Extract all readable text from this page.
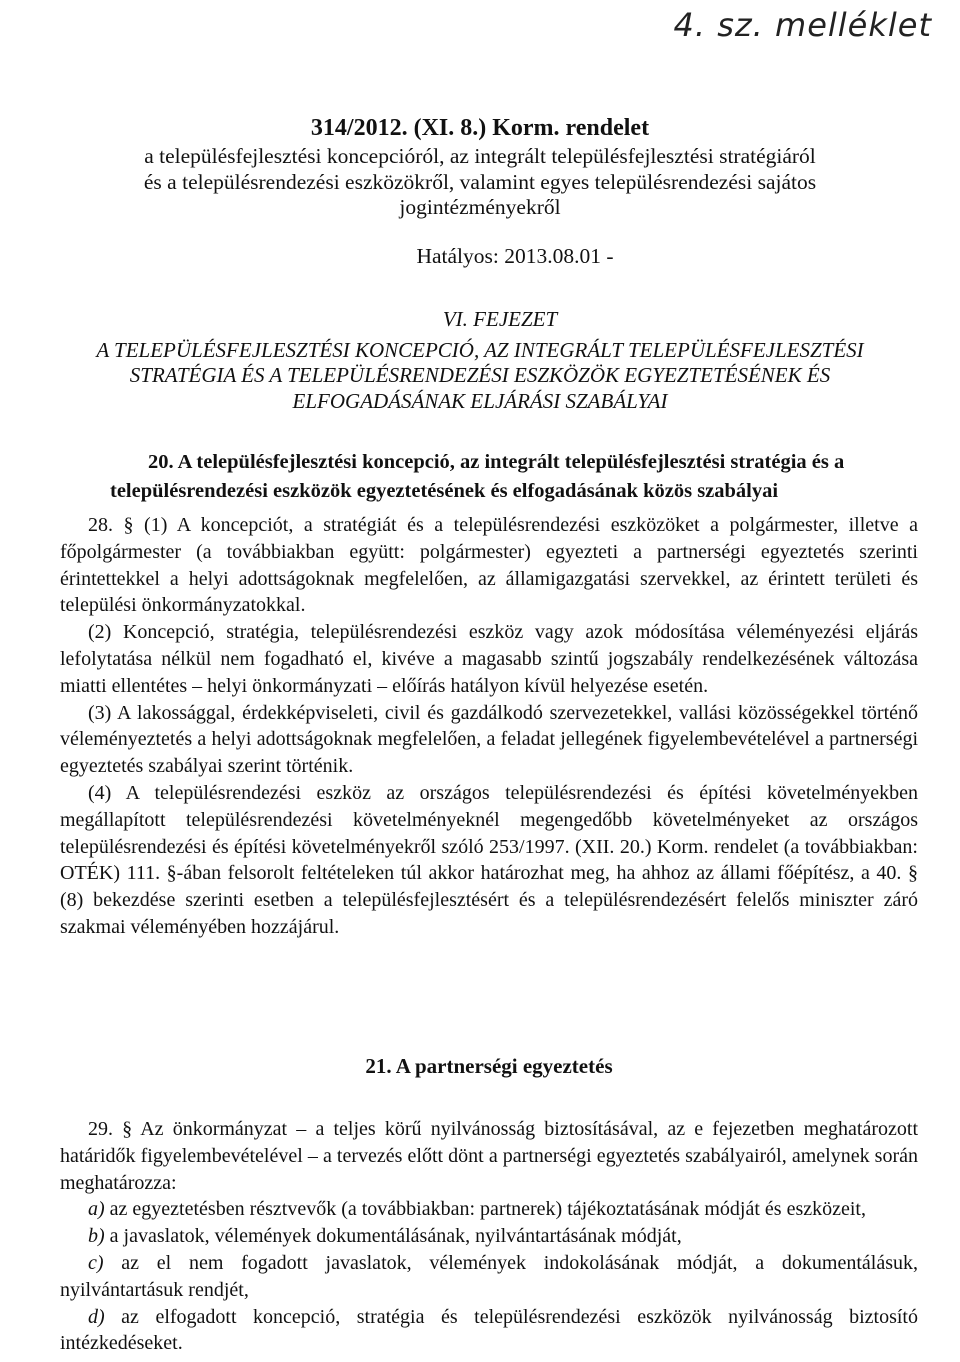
4. sz. melléklet
314/2012. (XI. 8.) Korm. rendelet
a településfejlesztési koncepcióról, az integrált településfejlesztési stratégiáról
és a településrendezési eszközökről, valamint egyes településrendezési sajátos
jogintézményekről
Hatályos: 2013.08.01 -
VI. FEJEZET
A TELEPÜLÉSFEJLESZTÉSI KONCEPCIÓ, AZ INTEGRÁLT TELEPÜLÉSFEJLESZTÉSI
STRATÉGIA ÉS A TELEPÜLÉSRENDEZÉSI ESZKÖZÖK EGYEZTETÉSÉNEK ÉS
ELFOGADÁSÁNAK ELJÁRÁSI SZABÁLYAI
20. A településfejlesztési koncepció, az integrált településfejlesztési stratégia és a
településrendezési eszközök egyeztetésének és elfogadásának közös szabályai

28. § (1) A koncepciót, a stratégiát és a településrendezési eszközöket a polgármester, illetve a főpolgármester (a továbbiakban együtt: polgármester) egyezteti a partnerségi egyeztetés szerinti érintettekkel a helyi adottságoknak megfelelően, az államigazgatási szervekkel, az érintett területi és települési önkormányzatokkal.

(2) Koncepció, stratégia, településrendezési eszköz vagy azok módosítása véleményezési eljárás lefolytatása nélkül nem fogadható el, kivéve a magasabb szintű jogszabály rendelkezésének változása miatti ellentétes – helyi önkormányzati – előírás hatályon kívül helyezése esetén.

(3) A lakossággal, érdekképviseleti, civil és gazdálkodó szervezetekkel, vallási közösségekkel történő véleményeztetés a helyi adottságoknak megfelelően, a feladat jellegének figyelembevételével a partnerségi egyeztetés szabályai szerint történik.

(4) A településrendezési eszköz az országos településrendezési és építési követelményekben megállapított településrendezési követelményeknél megengedőbb követelményeket az országos településrendezési és építési követelményekről szóló 253/1997. (XII. 20.) Korm. rendelet (a továbbiakban: OTÉK) 111. §-ában felsorolt feltételeken túl akkor határozhat meg, ha ahhoz az állami főépítész, a 40. § (8) bekezdése szerinti esetben a településfejlesztésért és a településrendezésért felelős miniszter záró szakmai véleményében hozzájárul.

21. A partnerségi egyeztetés

29. § Az önkormányzat – a teljes körű nyilvánosság biztosításával, az e fejezetben meghatározott határidők figyelembevételével – a tervezés előtt dönt a partnerségi egyeztetés szabályairól, amelynek során meghatározza:

a) az egyeztetésben résztvevők (a továbbiakban: partnerek) tájékoztatásának módját és eszközeit,

b) a javaslatok, vélemények dokumentálásának, nyilvántartásának módját,

c) az el nem fogadott javaslatok, vélemények indokolásának módját, a dokumentálásuk, nyilvántartásuk rendjét,

d) az elfogadott koncepció, stratégia és településrendezési eszközök nyilvánosság biztosító intézkedéseket.
